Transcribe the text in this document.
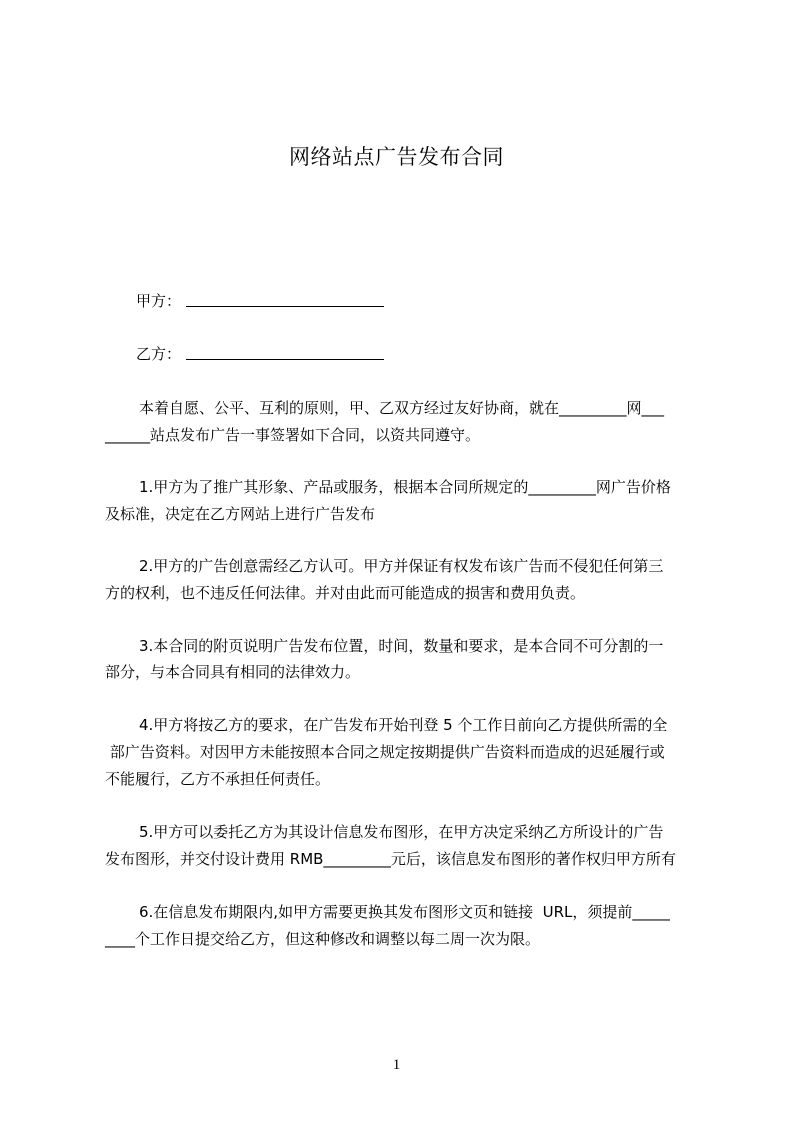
网络站点广告发布合同
甲方：
乙方：
本着自愿、公平、互利的原则，甲、乙双方经过友好协商，就在_________网___
______站点发布广告一事签署如下合同，以资共同遵守。
1.甲方为了推广其形象、产品或服务，根据本合同所规定的_________网广告价格
及标准，决定在乙方网站上进行广告发布
2.甲方的广告创意需经乙方认可。甲方并保证有权发布该广告而不侵犯任何第三
方的权利，也不违反任何法律。并对由此而可能造成的损害和费用负责。
3.本合同的附页说明广告发布位置，时间，数量和要求，是本合同不可分割的一
部分，与本合同具有相同的法律效力。
4.甲方将按乙方的要求，在广告发布开始刊登 5 个工作日前向乙方提供所需的全
部广告资料。对因甲方未能按照本合同之规定按期提供广告资料而造成的迟延履行或
不能履行，乙方不承担任何责任。
5.甲方可以委托乙方为其设计信息发布图形，在甲方决定采纳乙方所设计的广告
发布图形，并交付设计费用 RMB_________元后，该信息发布图形的著作权归甲方所有
6.在信息发布期限内,如甲方需要更换其发布图形文页和链接  URL，须提前_____
____个工作日提交给乙方，但这种修改和调整以每二周一次为限。
1
